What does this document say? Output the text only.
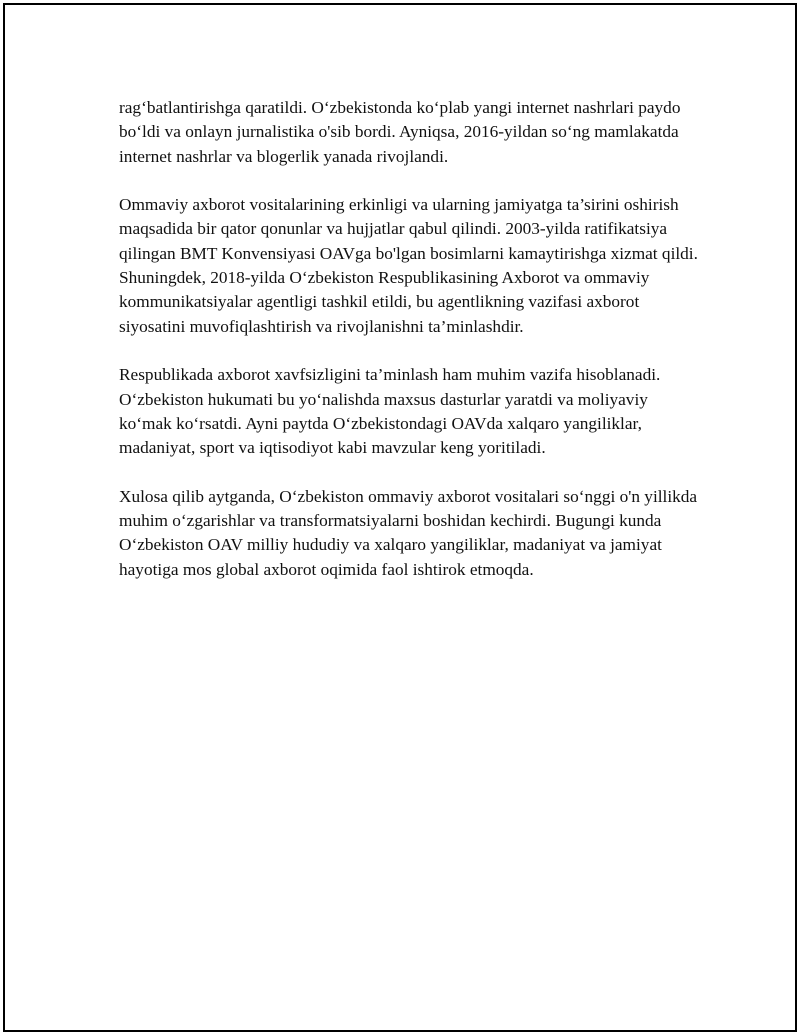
rag‘batlantirishga qaratildi. O‘zbekistonda ko‘plab yangi internet nashrlari paydo bo‘ldi va onlayn jurnalistika o'sib bordi. Ayniqsa, 2016-yildan so‘ng mamlakatda internet nashrlar va blogerlik yanada rivojlandi.

Ommaviy axborot vositalarining erkinligi va ularning jamiyatga ta’sirini oshirish maqsadida bir qator qonunlar va hujjatlar qabul qilindi. 2003-yilda ratifikatsiya qilingan BMT Konvensiyasi OAVga bo'lgan bosimlarni kamaytirishga xizmat qildi. Shuningdek, 2018-yilda O‘zbekiston Respublikasining Axborot va ommaviy kommunikatsiyalar agentligi tashkil etildi, bu agentlikning vazifasi axborot siyosatini muvofiqlashtirish va rivojlanishni ta’minlashdir.

Respublikada axborot xavfsizligini ta’minlash ham muhim vazifa hisoblanadi. O‘zbekiston hukumati bu yo‘nalishda maxsus dasturlar yaratdi va moliyaviy ko‘mak ko‘rsatdi. Ayni paytda O‘zbekistondagi OAVda xalqaro yangiliklar, madaniyat, sport va iqtisodiyot kabi mavzular keng yoritiladi.

Xulosa qilib aytganda, O‘zbekiston ommaviy axborot vositalari so‘nggi o'n yillikda muhim o‘zgarishlar va transformatsiyalarni boshidan kechirdi. Bugungi kunda O‘zbekiston OAV milliy hududiy va xalqaro yangiliklar, madaniyat va jamiyat hayotiga mos global axborot oqimida faol ishtirok etmoqda.
